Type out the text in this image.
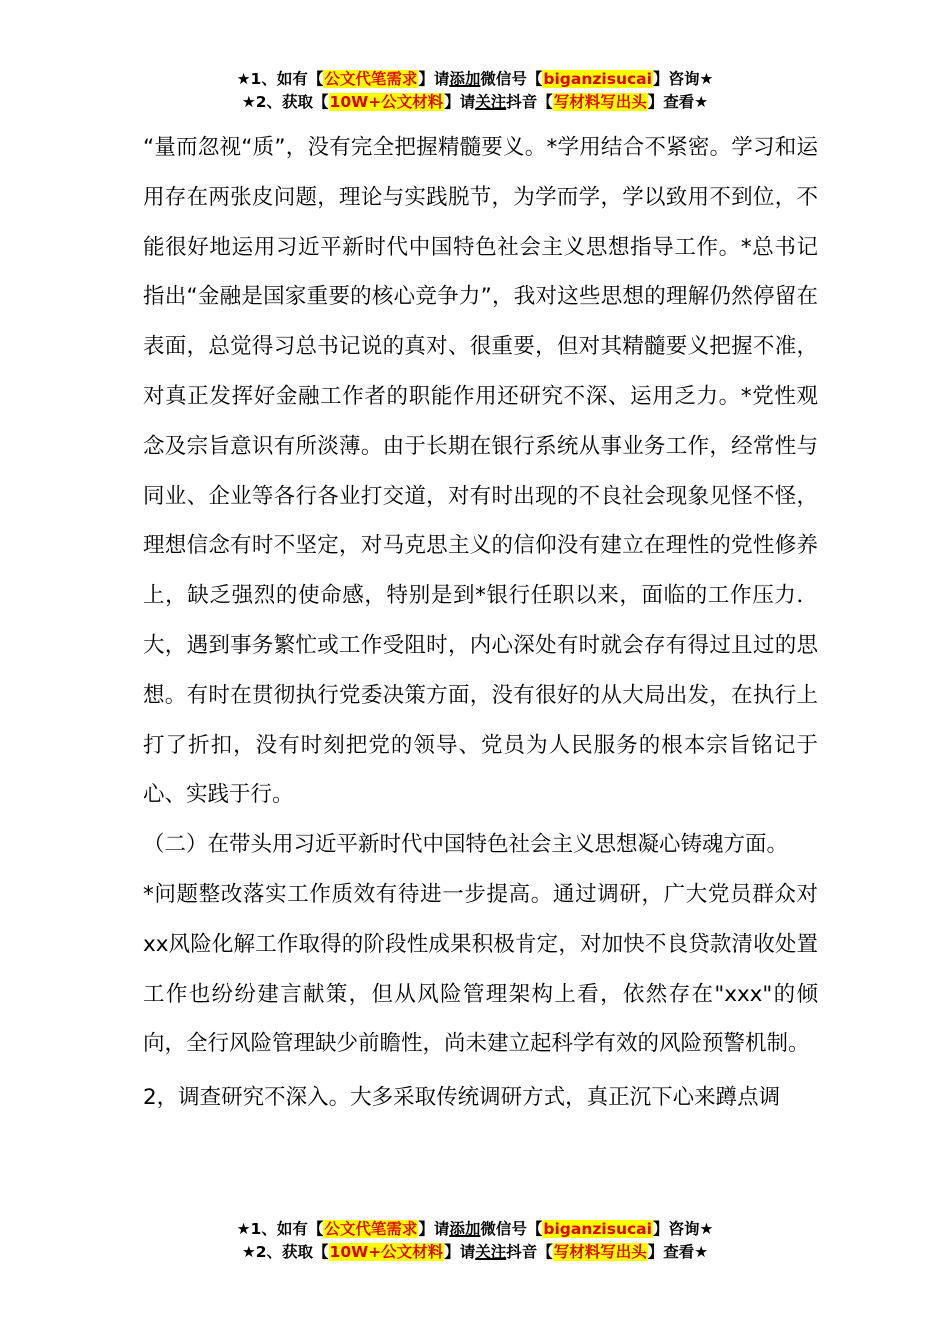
★1、如有【公文代笔需求】请添加微信号【biganzisucai】咨询★
★2、获取【10W+公文材料】请关注抖音【写材料写出头】查看★

“量而忽视“质”，没有完全把握精髓要义。*学用结合不紧密。学习和运用存在两张皮问题，理论与实践脱节，为学而学，学以致用不到位，不能很好地运用习近平新时代中国特色社会主义思想指导工作。*总书记指出“金融是国家重要的核心竞争力”，我对这些思想的理解仍然停留在表面，总觉得习总书记说的真对、很重要，但对其精髓要义把握不准，对真正发挥好金融工作者的职能作用还研究不深、运用乏力。*党性观念及宗旨意识有所淡薄。由于长期在银行系统从事业务工作，经常性与同业、企业等各行各业打交道，对有时出现的不良社会现象见怪不怪，理想信念有时不坚定，对马克思主义的信仰没有建立在理性的党性修养上，缺乏强烈的使命感，特别是到*银行任职以来，面临的工作压力．大，遇到事务繁忙或工作受阻时，内心深处有时就会存有得过且过的思想。有时在贯彻执行党委决策方面，没有很好的从大局出发，在执行上打了折扣，没有时刻把党的领导、党员为人民服务的根本宗旨铭记于心、实践于行。

（二）在带头用习近平新时代中国特色社会主义思想凝心铸魂方面。

*问题整改落实工作质效有待进一步提高。通过调研，广大党员群众对xx风险化解工作取得的阶段性成果积极肯定，对加快不良贷款清收处置工作也纷纷建言献策，但从风险管理架构上看，依然存在"xxx"的倾向，全行风险管理缺少前瞻性，尚未建立起科学有效的风险预警机制。

2，调查研究不深入。大多采取传统调研方式，真正沉下心来蹲点调

★1、如有【公文代笔需求】请添加微信号【biganzisucai】咨询★
★2、获取【10W+公文材料】请关注抖音【写材料写出头】查看★
